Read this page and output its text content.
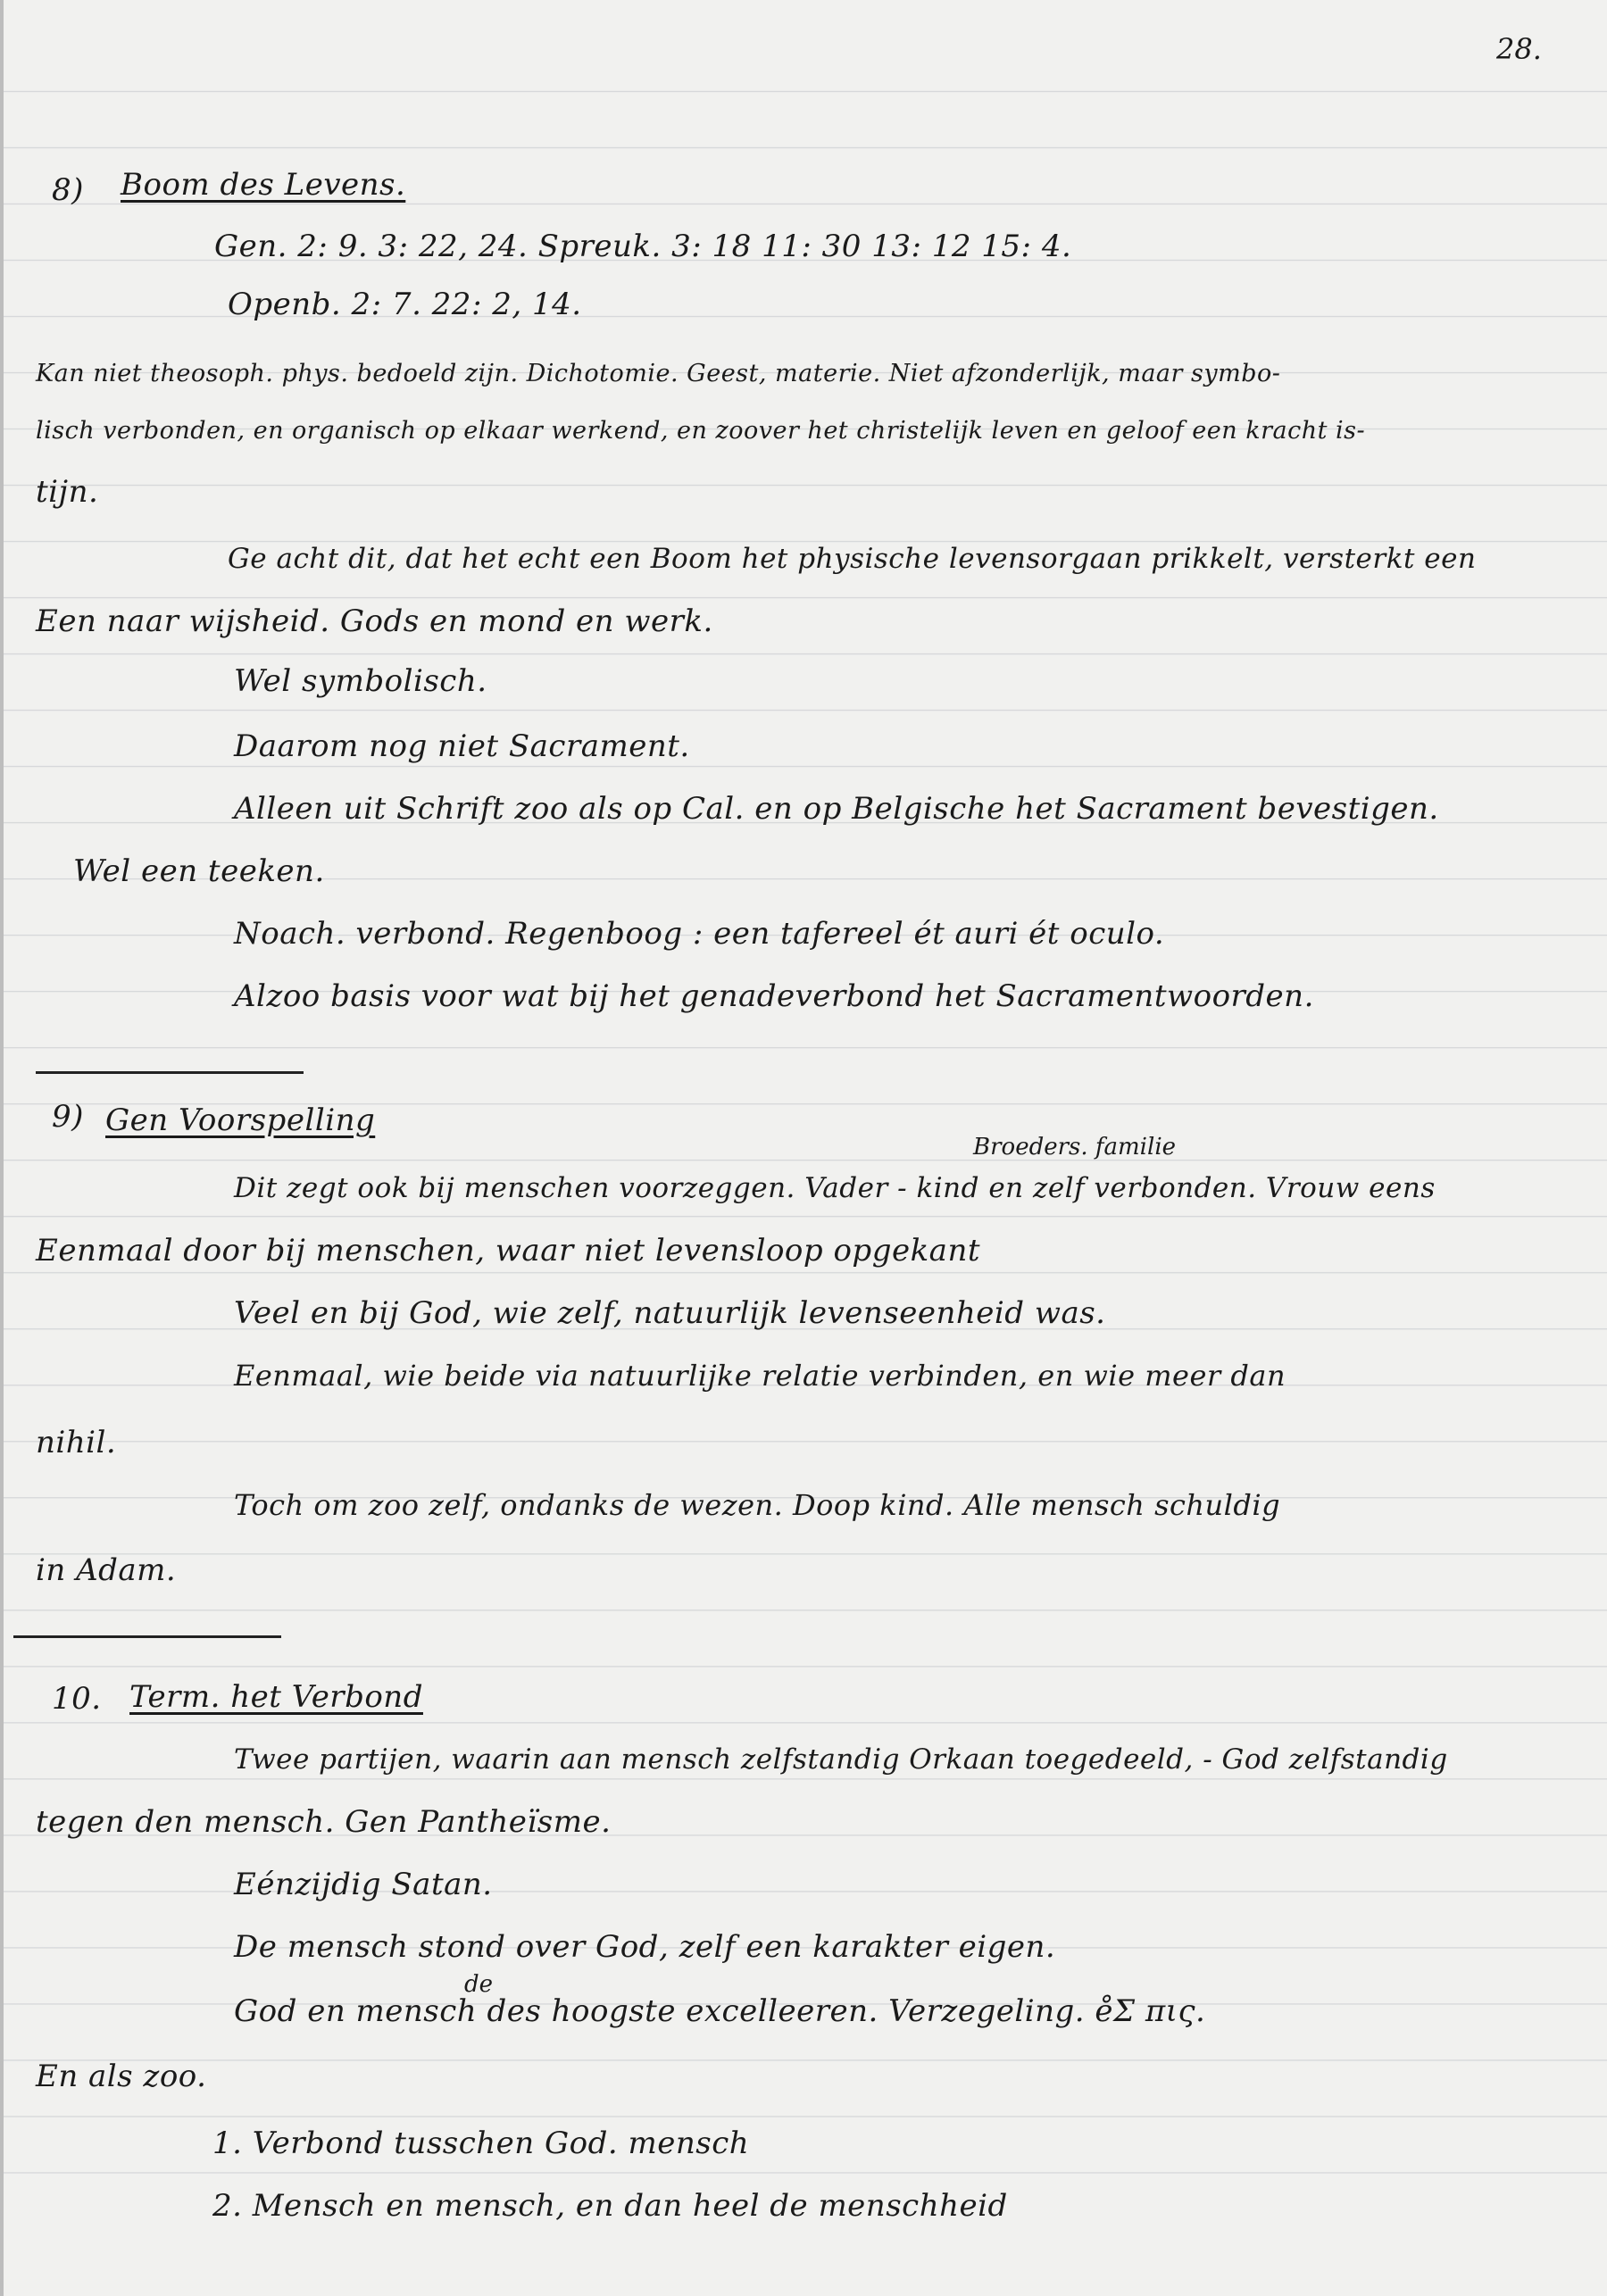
28.
8) Boom des Levens.
Gen. 2: 9. 3: 22, 24. Spreuk. 3: 18 11: 30 13: 12 15: 4.
Openb. 2: 7. 22: 2, 14.
Kan niet theosoph. phys. bedoeld zijn. Dichotomie. Geest, materie. Niet afzonderlijk, maar symbo-
lisch verbonden, en organisch op elkaar werkend, en zoover het christelijk leven en geloof een kracht is-
tijn.
Ge acht dit, dat het echt een Boom het physische levensorgaan prikkelt, versterkt een
Een naar wijsheid. Gods en mond en werk.
Wel symbolisch.
Daarom nog niet Sacrament.
Alleen uit Schrift zoo als op Cal. en op Belgische het Sacrament bevestigen.
Wel een teeken.
Noach. verbond. Regenboog : een tafereel ét auri ét oculo.
Alzoo basis voor wat bij het genadeverbond het Sacramentwoorden.
Broeders. familie
9) Gen Voorspelling
Dit zegt ook bij menschen voorzeggen. Vader - kind en zelf verbonden. Vrouw eens
Eenmaal door bij menschen, waar niet levensloop opgekant
Veel en bij God, wie zelf, natuurlijk levenseenheid was.
Eenmaal, wie beide via natuurlijke relatie verbinden, en wie meer dan
nihil.
Toch om zoo zelf, ondanks de wezen. Doop kind. Alle mensch schuldig
in Adam.
10. Term. het Verbond
Twee partijen, waarin aan mensch zelfstandig Orkaan toegedeeld, - God zelfstandig
tegen den mensch. Gen Pantheïsme.
Eénzijdig Satan.
De mensch stond over God, zelf een karakter eigen.
de
God en mensch des hoogste excelleeren. Verzegeling. e̊Σ πις.
En als zoo.
1. Verbond tusschen God. mensch
2. Mensch en mensch, en dan heel de menschheid
